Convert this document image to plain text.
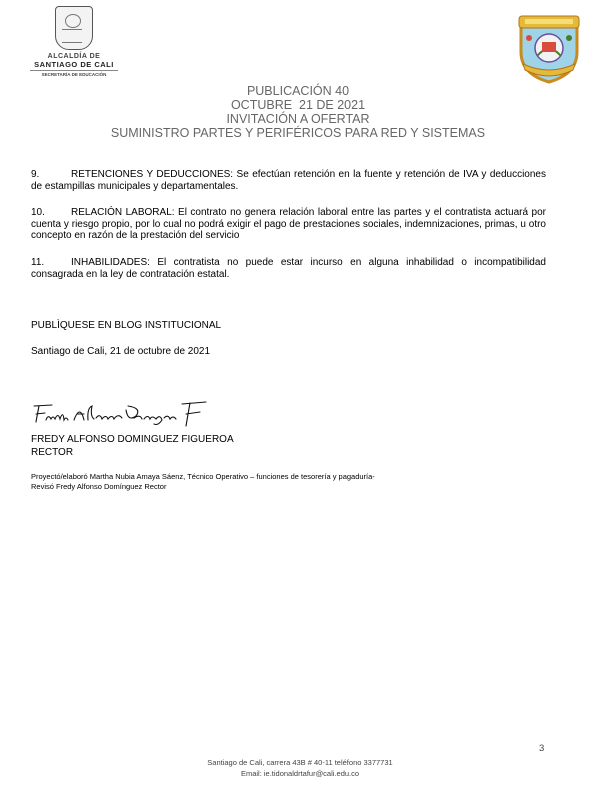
ALCALDÍA DE
SANTIAGO DE CALI
SECRETARÍA DE EDUCACIÓN
PUBLICACIÓN 40
OCTUBRE  21 DE 2021
INVITACIÓN A OFERTAR
SUMINISTRO PARTES Y PERIFÉRICOS PARA RED Y SISTEMAS
9.	RETENCIONES Y DEDUCCIONES: Se efectúan retención en la fuente y retención de IVA y deducciones de estampillas municipales y departamentales.
10.	RELACIÓN LABORAL: El contrato no genera relación laboral entre las partes y el contratista actuará por cuenta y riesgo propio, por lo cual no podrá exigir el pago de prestaciones sociales, indemnizaciones, primas, u otro concepto en razón de la prestación del servicio
11.	INHABILIDADES: El contratista no puede estar incurso en alguna inhabilidad o incompatibilidad consagrada en la ley de contratación estatal.
PUBLÌQUESE EN BLOG INSTITUCIONAL
Santiago de Cali, 21 de octubre de 2021
FREDY ALFONSO DOMINGUEZ FIGUEROA
RECTOR
Proyectó/elaboró Martha Nubia Amaya Sáenz, Técnico Operativo – funciones de tesorería y pagaduría-
Revisó Fredy Alfonso Domínguez Rector
3
Santiago de Cali, carrera 43B # 40-11 teléfono 3377731
Email: ie.tidonaldrtafur@cali.edu.co
